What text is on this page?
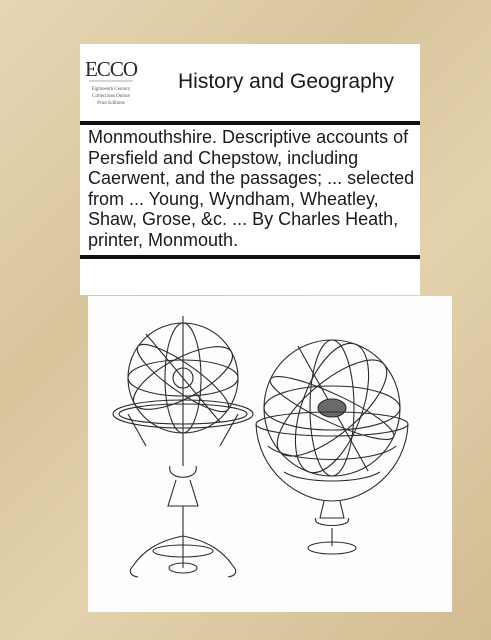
ECCO
Eighteenth Century
Collections Online
Print Editions
History and Geography
Monmouthshire. Descriptive accounts of Persfield and Chepstow, including Caerwent, and the passages; ... selected from ... Young, Wyndham, Wheatley, Shaw, Grose, &c. ... By Charles Heath, printer, Monmouth.
